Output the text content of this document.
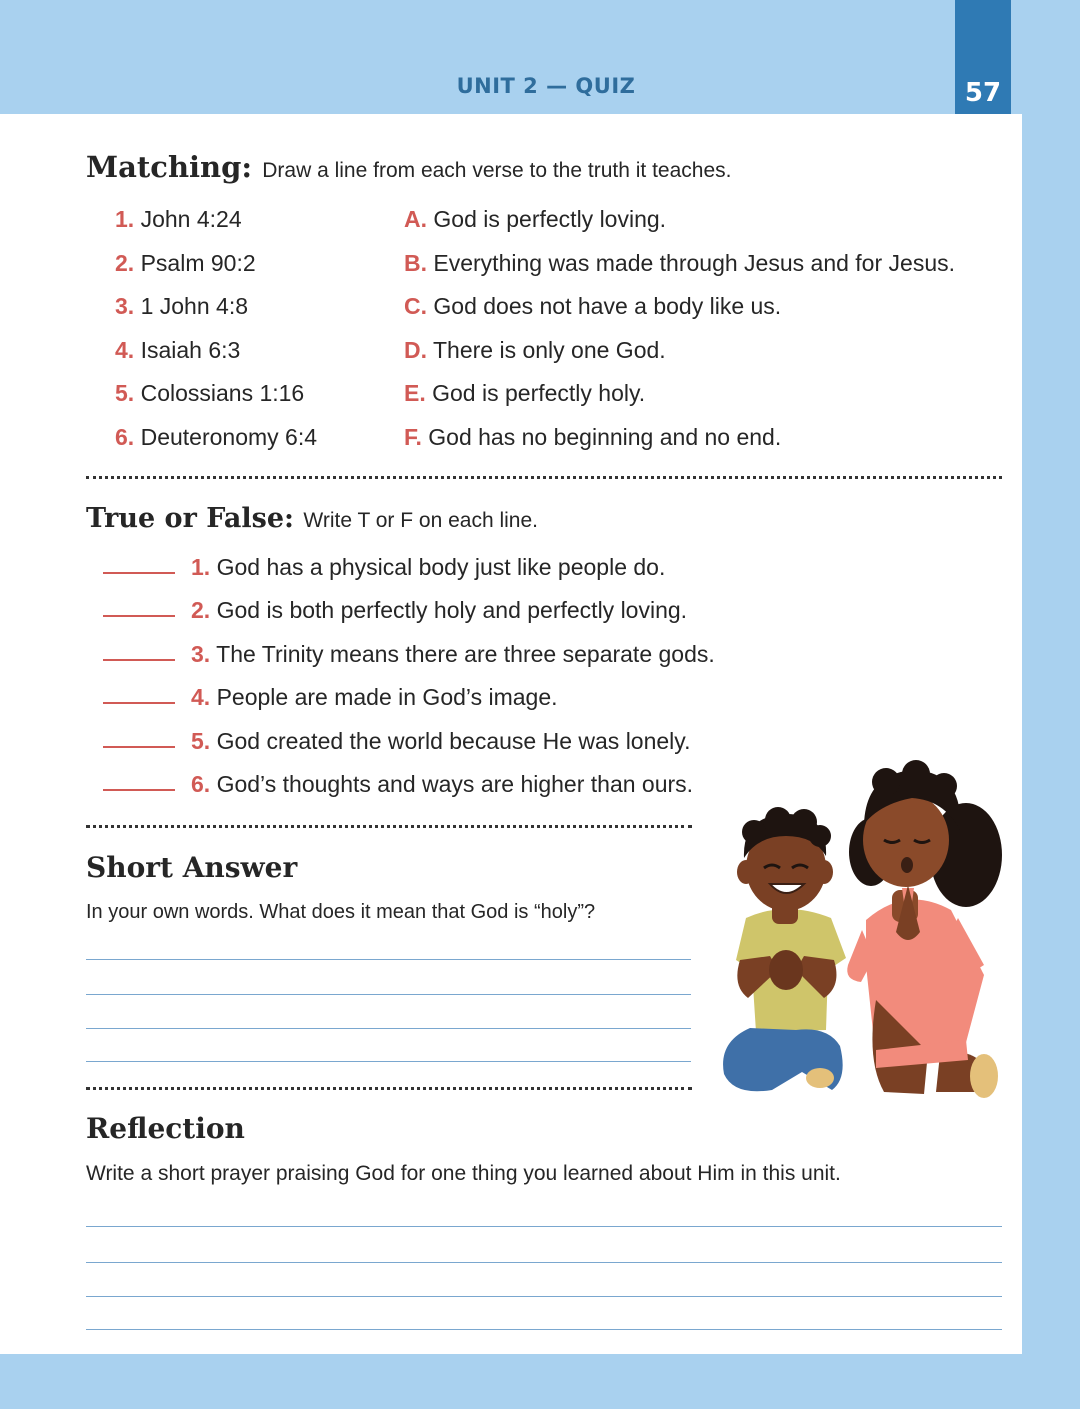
UNIT 2 — QUIZ	57
Matching: Draw a line from each verse to the truth it teaches.
1. John 4:24
2. Psalm 90:2
3. 1 John 4:8
4. Isaiah 6:3
5. Colossians 1:16
6. Deuteronomy 6:4
A. God is perfectly loving.
B. Everything was made through Jesus and for Jesus.
C. God does not have a body like us.
D. There is only one God.
E. God is perfectly holy.
F. God has no beginning and no end.
True or False: Write T or F on each line.
1. God has a physical body just like people do.
2. God is both perfectly holy and perfectly loving.
3. The Trinity means there are three separate gods.
4. People are made in God’s image.
5. God created the world because He was lonely.
6. God’s thoughts and ways are higher than ours.
Short Answer
In your own words. What does it mean that God is “holy”?
Reflection
Write a short prayer praising God for one thing you learned about Him in this unit.
